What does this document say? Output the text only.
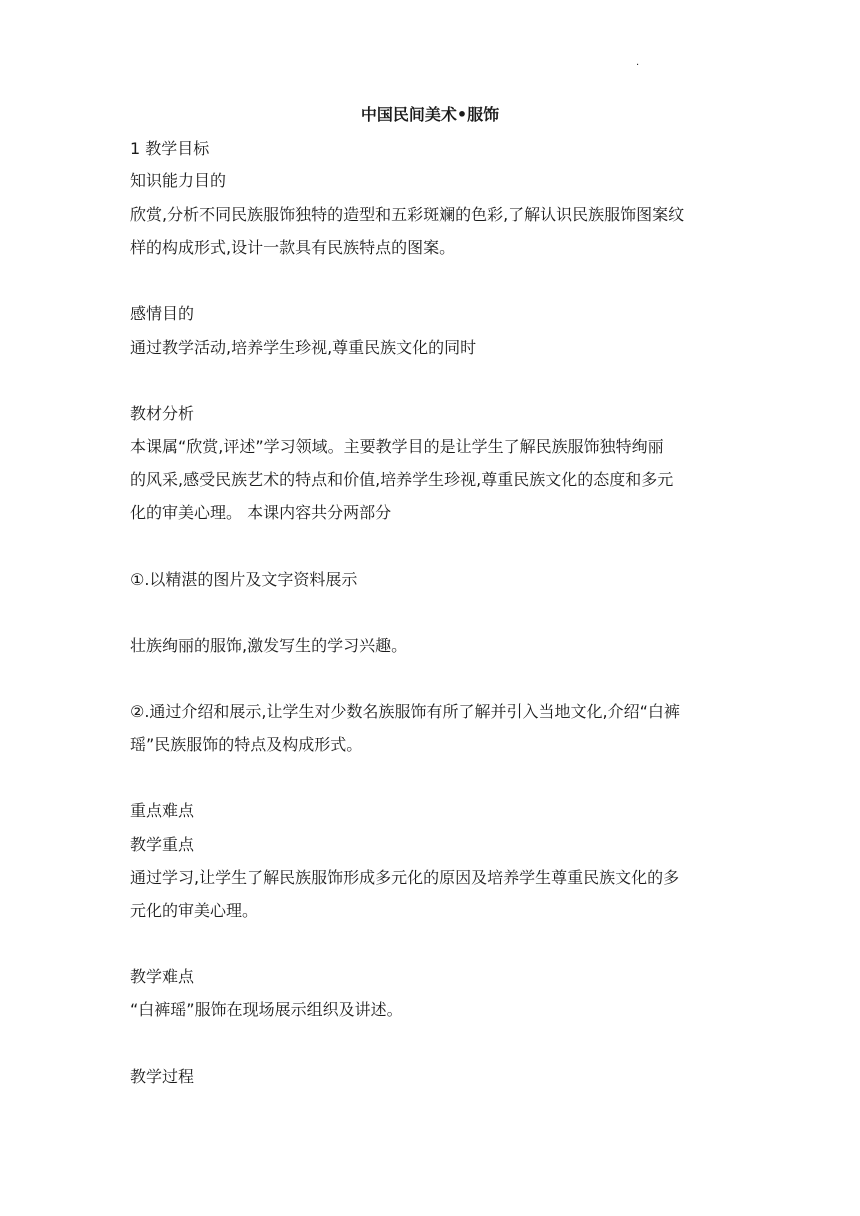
.
中国民间美术•服饰
1 教学目标
知识能力目的
欣赏,分析不同民族服饰独特的造型和五彩斑斓的色彩,了解认识民族服饰图案纹
样的构成形式,设计一款具有民族特点的图案。
感情目的
通过教学活动,培养学生珍视,尊重民族文化的同时
教材分析
本课属“欣赏,评述”学习领域。主要教学目的是让学生了解民族服饰独特绚丽
的风采,感受民族艺术的特点和价值,培养学生珍视,尊重民族文化的态度和多元
化的审美心理。 本课内容共分两部分
①.以精湛的图片及文字资料展示
壮族绚丽的服饰,激发写生的学习兴趣。
②.通过介绍和展示,让学生对少数名族服饰有所了解并引入当地文化,介绍“白裤
瑶”民族服饰的特点及构成形式。
重点难点
教学重点
通过学习,让学生了解民族服饰形成多元化的原因及培养学生尊重民族文化的多
元化的审美心理。
教学难点
“白裤瑶”服饰在现场展示组织及讲述。
教学过程
